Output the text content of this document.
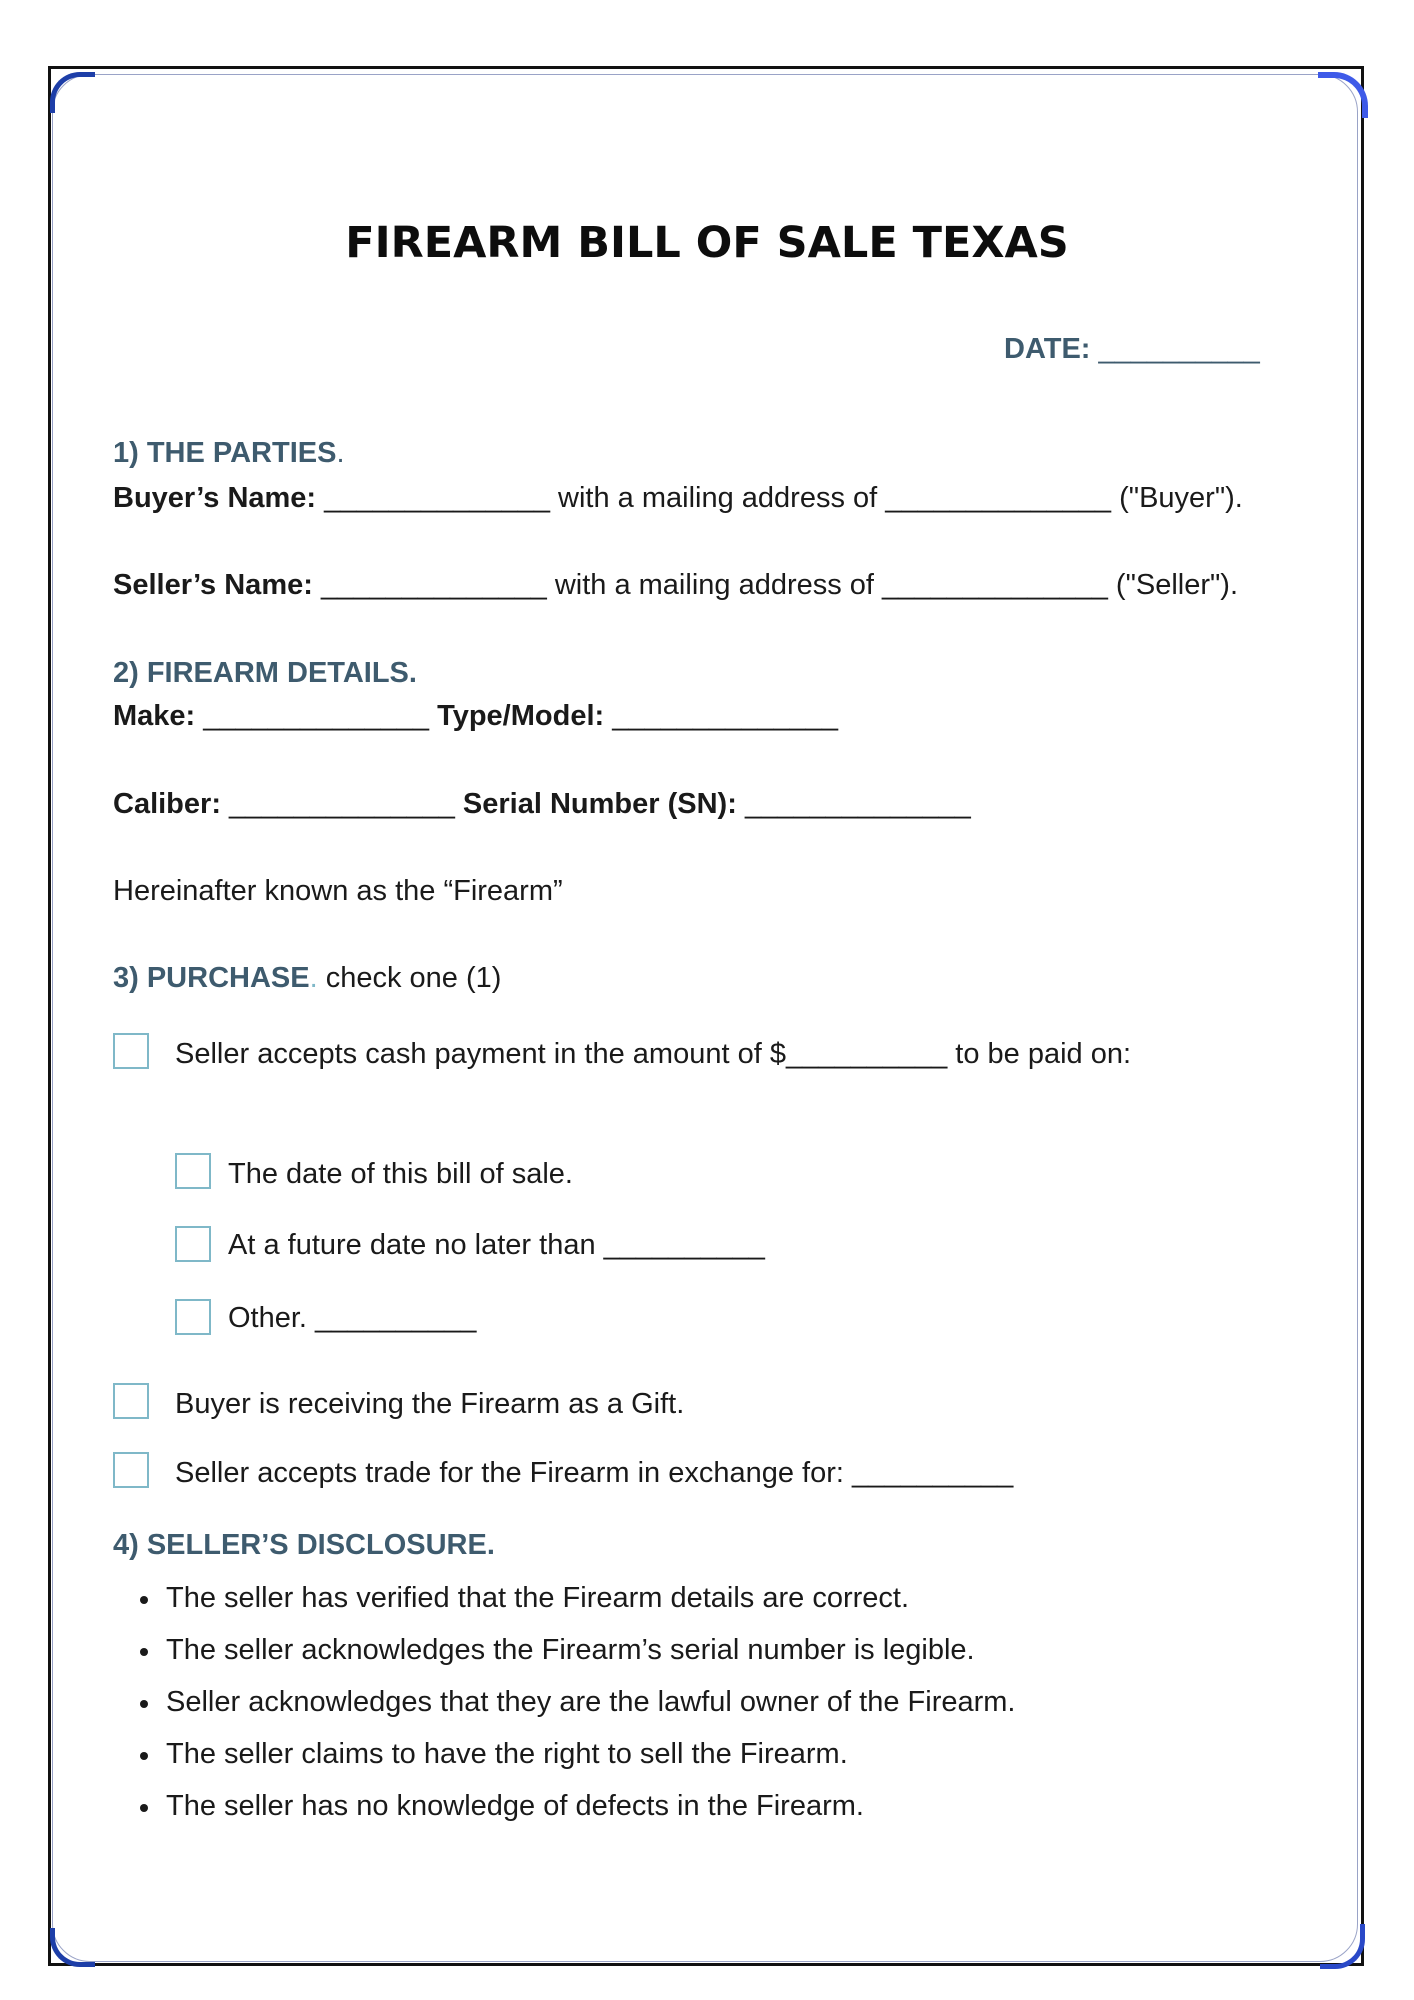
FIREARM BILL OF SALE TEXAS
DATE: __________
1) THE PARTIES.
Buyer’s Name: ______________ with a mailing address of ______________ ("Buyer").
Seller’s Name: ______________ with a mailing address of ______________ ("Seller").
2) FIREARM DETAILS.
Make: ______________ Type/Model: ______________
Caliber: ______________ Serial Number (SN): ______________
Hereinafter known as the “Firearm”
3) PURCHASE. check one (1)
Seller accepts cash payment in the amount of $__________ to be paid on:
The date of this bill of sale.
At a future date no later than __________
Other. __________
Buyer is receiving the Firearm as a Gift.
Seller accepts trade for the Firearm in exchange for: __________
4) SELLER’S DISCLOSURE.
The seller has verified that the Firearm details are correct.
The seller acknowledges the Firearm’s serial number is legible.
Seller acknowledges that they are the lawful owner of the Firearm.
The seller claims to have the right to sell the Firearm.
The seller has no knowledge of defects in the Firearm.
